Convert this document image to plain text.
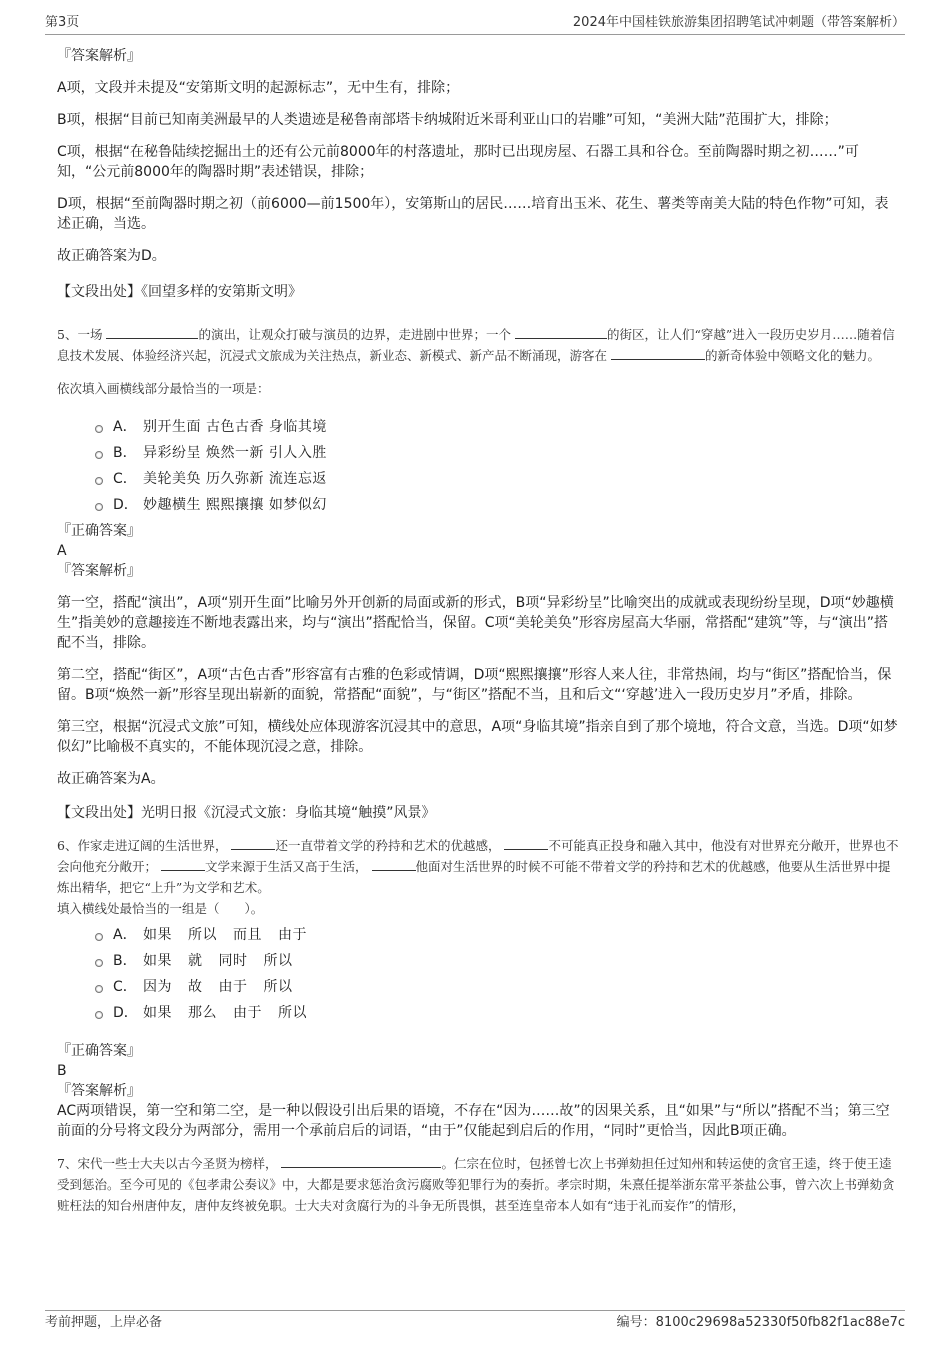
第3页	2024年中国桂铁旅游集团招聘笔试冲刺题（带答案解析）

『答案解析』

A项，文段并未提及“安第斯文明的起源标志”，无中生有，排除；

B项，根据“目前已知南美洲最早的人类遗迹是秘鲁南部塔卡纳城附近米哥利亚山口的岩雕”可知，“美洲大陆”范围扩大，排除；

C项，根据“在秘鲁陆续挖掘出土的还有公元前8000年的村落遗址，那时已出现房屋、石器工具和谷仓。至前陶器时期之初……”可知，“公元前8000年的陶器时期”表述错误，排除；

D项，根据“至前陶器时期之初（前6000—前1500年），安第斯山的居民……培育出玉米、花生、薯类等南美大陆的特色作物”可知，表述正确，当选。

故正确答案为D。

【文段出处】《回望多样的安第斯文明》

5、一场	的演出，让观众打破与演员的边界，走进剧中世界；一个	的街区，让人们“穿越”进入一段历史岁月……随着信息技术发展、体验经济兴起，沉浸式文旅成为关注热点，新业态、新模式、新产品不断涌现，游客在	的新奇体验中领略文化的魅力。

依次填入画横线部分最恰当的一项是：

A． 别开生面 古色古香 身临其境
B． 异彩纷呈 焕然一新 引人入胜
C． 美轮美奂 历久弥新 流连忘返
D． 妙趣横生 熙熙攘攘 如梦似幻

『正确答案』

A

『答案解析』

第一空，搭配“演出”，A项“别开生面”比喻另外开创新的局面或新的形式，B项“异彩纷呈”比喻突出的成就或表现纷纷呈现，D项“妙趣横生”指美妙的意趣接连不断地表露出来，均与“演出”搭配恰当，保留。C项“美轮美奂”形容房屋高大华丽，常搭配“建筑”等，与“演出”搭配不当，排除。

第二空，搭配“街区”，A项“古色古香”形容富有古雅的色彩或情调，D项“熙熙攘攘”形容人来人往，非常热闹，均与“街区”搭配恰当，保留。B项“焕然一新”形容呈现出崭新的面貌，常搭配“面貌”，与“街区”搭配不当，且和后文“‘穿越’进入一段历史岁月”矛盾，排除。

第三空，根据“沉浸式文旅”可知，横线处应体现游客沉浸其中的意思，A项“身临其境”指亲自到了那个境地，符合文意，当选。D项“如梦似幻”比喻极不真实的，不能体现沉浸之意，排除。

故正确答案为A。

【文段出处】光明日报《沉浸式文旅：身临其境“触摸”风景》

6、作家走进辽阔的生活世界，	还一直带着文学的矜持和艺术的优越感，	不可能真正投身和融入其中，他没有对世界充分敞开，世界也不会向他充分敞开；	文学来源于生活又高于生活，	他面对生活世界的时候不可能不带着文学的矜持和艺术的优越感，他要从生活世界中提炼出精华，把它“上升”为文学和艺术。

填入横线处最恰当的一组是（　　）。

A． 如果 所以 而且 由于
B． 如果 就 同时 所以
C． 因为 故 由于 所以
D． 如果 那么 由于 所以

『正确答案』

B

『答案解析』

AC两项错误，第一空和第二空，是一种以假设引出后果的语境，不存在“因为……故”的因果关系，且“如果”与“所以”搭配不当；第三空前面的分号将文段分为两部分，需用一个承前启后的词语，“由于”仅能起到启后的作用，“同时”更恰当，因此B项正确。

7、宋代一些士大夫以古今圣贤为榜样，	。仁宗在位时，包拯曾七次上书弹劾担任过知州和转运使的贪官王逵，终于使王逵受到惩治。至今可见的《包孝肃公奏议》中，大都是要求惩治贪污腐败等犯罪行为的奏折。孝宗时期，朱熹任提举浙东常平茶盐公事，曾六次上书弹劾贪赃枉法的知台州唐仲友，唐仲友终被免职。士大夫对贪腐行为的斗争无所畏惧，甚至连皇帝本人如有“违于礼而妄作”的情形，

考前押题，上岸必备	编号：8100c29698a52330f50fb82f1ac88e7c
